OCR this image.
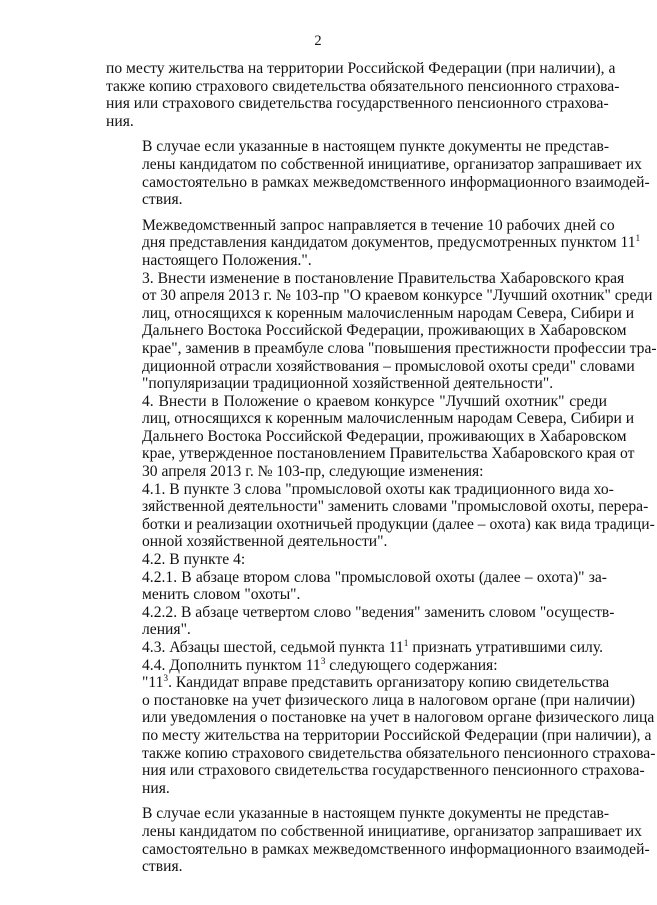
2
по месту жительства на территории Российской Федерации (при наличии), а
также копию страхового свидетельства обязательного пенсионного страхова-
ния или страхового свидетельства государственного пенсионного страхова-
ния.
В случае если указанные в настоящем пункте документы не представ-
лены кандидатом по собственной инициативе, организатор запрашивает их
самостоятельно в рамках межведомственного информационного взаимодей-
ствия.
Межведомственный запрос направляется в течение 10 рабочих дней со
дня представления кандидатом документов, предусмотренных пунктом $11^1$
настоящего Положения.".
3. Внести изменение в постановление Правительства Хабаровского края
от 30 апреля 2013 г. № 103-пр "О краевом конкурсе "Лучший охотник" среди
лиц, относящихся к коренным малочисленным народам Севера, Сибири и
Дальнего Востока Российской Федерации, проживающих в Хабаровском
крае", заменив в преамбуле слова "повышения престижности профессии тра-
диционной отрасли хозяйствования – промысловой охоты среди" словами
"популяризации традиционной хозяйственной деятельности".
4. Внести в Положение о краевом конкурсе "Лучший охотник" среди
лиц, относящихся к коренным малочисленным народам Севера, Сибири и
Дальнего Востока Российской Федерации, проживающих в Хабаровском
крае, утвержденное постановлением Правительства Хабаровского края от
30 апреля 2013 г. № 103-пр, следующие изменения:
4.1. В пункте 3 слова "промысловой охоты как традиционного вида хо-
зяйственной деятельности" заменить словами "промысловой охоты, перера-
ботки и реализации охотничьей продукции (далее – охота) как вида традици-
онной хозяйственной деятельности".
4.2. В пункте 4:
4.2.1. В абзаце втором слова "промысловой охоты (далее – охота)" за-
менить словом "охоты".
4.2.2. В абзаце четвертом слово "ведения" заменить словом "осуществ-
ления".
4.3. Абзацы шестой, седьмой пункта $11^1$ признать утратившими силу.
4.4. Дополнить пунктом $11^3$ следующего содержания:
"$11^3$. Кандидат вправе представить организатору копию свидетельства
о постановке на учет физического лица в налоговом органе (при наличии)
или уведомления о постановке на учет в налоговом органе физического лица
по месту жительства на территории Российской Федерации (при наличии), а
также копию страхового свидетельства обязательного пенсионного страхова-
ния или страхового свидетельства государственного пенсионного страхова-
ния.
В случае если указанные в настоящем пункте документы не представ-
лены кандидатом по собственной инициативе, организатор запрашивает их
самостоятельно в рамках межведомственного информационного взаимодей-
ствия.
